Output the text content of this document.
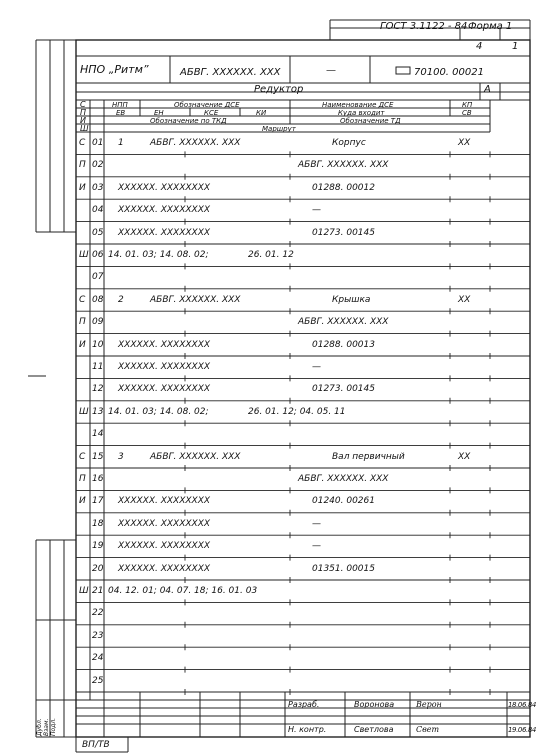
ГОСТ 3.1122 - 84 Форма 1
4	1
НПО „Ритм”	АБВГ. XXXXXX. XXX	—	70100. 00021
Редуктор	А
С	НПП	Обозначение ДСЕ	Наименование ДСЕ	КП
П	ЕВ	ЕН	КСЕ	КИ	Куда входит	СВ
И	Обозначение по ТКД	Обозначение ТД
Ш	Маршрут
С 01 1	АБВГ. XXXXXX. XXX	Корпус	XX
П 02	АБВГ. XXXXXX. XXX
И 03 XXXXXX. XXXXXXXX	01288. 00012
04 XXXXXX. XXXXXXXX	—
05 XXXXXX. XXXXXXXX	01273. 00145
Ш 06 14. 01. 03; 14. 08. 02;	26. 01. 12
07
С 08 2	АБВГ. XXXXXX. XXX	Крышка	XX
П 09	АБВГ. XXXXXX. XXX
И 10 XXXXXX. XXXXXXXX	01288. 00013
11 XXXXXX. XXXXXXXX	—
12 XXXXXX. XXXXXXXX	01273. 00145
Ш 13 14. 01. 03; 14. 08. 02;	26. 01. 12; 04. 05. 11
14
С 15 3	АБВГ. XXXXXX. XXX	Вал первичный	XX
П 16	АБВГ. XXXXXX. XXX
И 17 XXXXXX. XXXXXXXX	01240. 00261
18 XXXXXX. XXXXXXXX	—
19 XXXXXX. XXXXXXXX	—
20 XXXXXX. XXXXXXXX	01351. 00015
Ш 21 04. 12. 01; 04. 07. 18; 16. 01. 03
22
23
24
25
Разраб.	Воронова	Верон	18.06.84
Н. контр.	Светлова	Свет	19.06.84
Дубл. Взам. Подл.
ВП/ТВ
